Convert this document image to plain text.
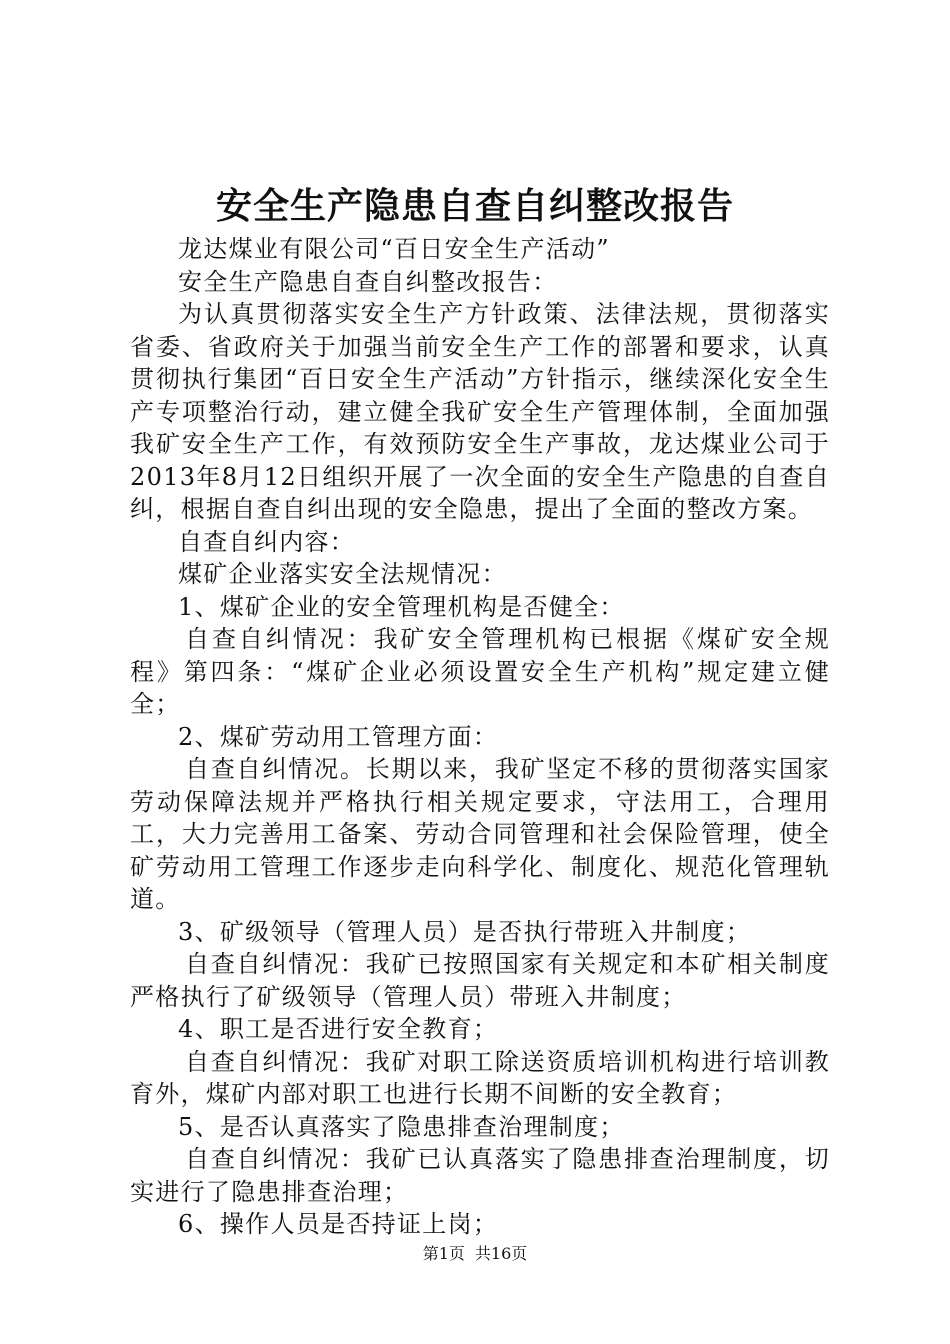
安全生产隐患自查自纠整改报告

龙达煤业有限公司“百日安全生产活动”

安全生产隐患自查自纠整改报告：

为认真贯彻落实安全生产方针政策、法律法规，贯彻落实省委、省政府关于加强当前安全生产工作的部署和要求，认真贯彻执行集团“百日安全生产活动”方针指示，继续深化安全生产专项整治行动，建立健全我矿安全生产管理体制，全面加强我矿安全生产工作，有效预防安全生产事故，龙达煤业公司于2013年8月12日组织开展了一次全面的安全生产隐患的自查自纠，根据自查自纠出现的安全隐患，提出了全面的整改方案。

自查自纠内容：

煤矿企业落实安全法规情况：

1、煤矿企业的安全管理机构是否健全：

自查自纠情况：我矿安全管理机构已根据《煤矿安全规程》第四条：“煤矿企业必须设置安全生产机构”规定建立健全；

2、煤矿劳动用工管理方面：

自查自纠情况。长期以来，我矿坚定不移的贯彻落实国家劳动保障法规并严格执行相关规定要求，守法用工，合理用工，大力完善用工备案、劳动合同管理和社会保险管理，使全矿劳动用工管理工作逐步走向科学化、制度化、规范化管理轨道。

3、矿级领导（管理人员）是否执行带班入井制度；

自查自纠情况：我矿已按照国家有关规定和本矿相关制度严格执行了矿级领导（管理人员）带班入井制度；

4、职工是否进行安全教育；

自查自纠情况：我矿对职工除送资质培训机构进行培训教育外，煤矿内部对职工也进行长期不间断的安全教育；

5、是否认真落实了隐患排查治理制度；

自查自纠情况：我矿已认真落实了隐患排查治理制度，切实进行了隐患排查治理；

6、操作人员是否持证上岗；

第1页 共16页
